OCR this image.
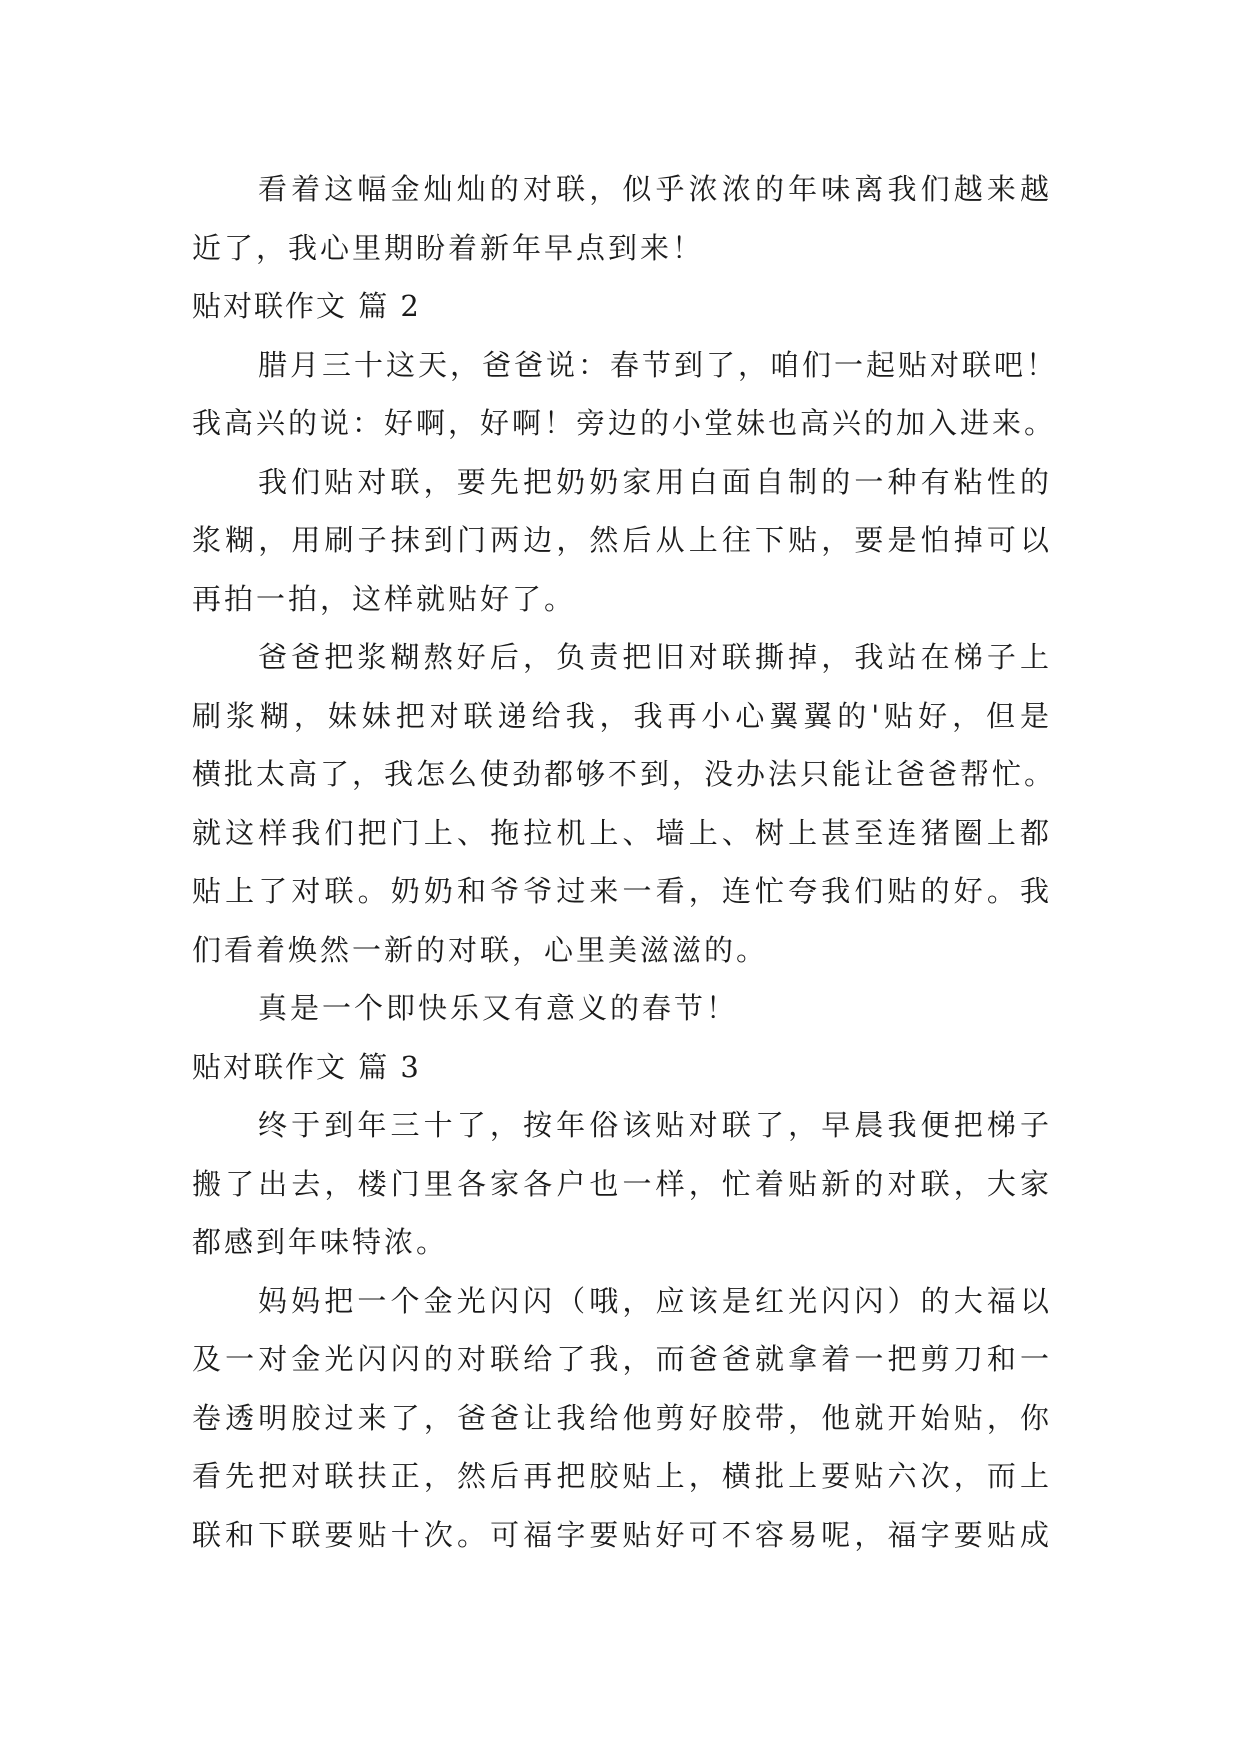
看着这幅金灿灿的对联，似乎浓浓的年味离我们越来越
近了，我心里期盼着新年早点到来！
贴对联作文 篇 2
腊月三十这天，爸爸说：春节到了，咱们一起贴对联吧！
我高兴的说：好啊，好啊！旁边的小堂妹也高兴的加入进来。
我们贴对联，要先把奶奶家用白面自制的一种有粘性的
浆糊，用刷子抹到门两边，然后从上往下贴，要是怕掉可以
再拍一拍，这样就贴好了。
爸爸把浆糊熬好后，负责把旧对联撕掉，我站在梯子上
刷浆糊，妹妹把对联递给我，我再小心翼翼的'贴好，但是
横批太高了，我怎么使劲都够不到，没办法只能让爸爸帮忙。
就这样我们把门上、拖拉机上、墙上、树上甚至连猪圈上都
贴上了对联。奶奶和爷爷过来一看，连忙夸我们贴的好。我
们看着焕然一新的对联，心里美滋滋的。
真是一个即快乐又有意义的春节！
贴对联作文 篇 3
终于到年三十了，按年俗该贴对联了，早晨我便把梯子
搬了出去，楼门里各家各户也一样，忙着贴新的对联，大家
都感到年味特浓。
妈妈把一个金光闪闪（哦，应该是红光闪闪）的大福以
及一对金光闪闪的对联给了我，而爸爸就拿着一把剪刀和一
卷透明胶过来了，爸爸让我给他剪好胶带，他就开始贴，你
看先把对联扶正，然后再把胶贴上，横批上要贴六次，而上
联和下联要贴十次。可福字要贴好可不容易呢，福字要贴成
